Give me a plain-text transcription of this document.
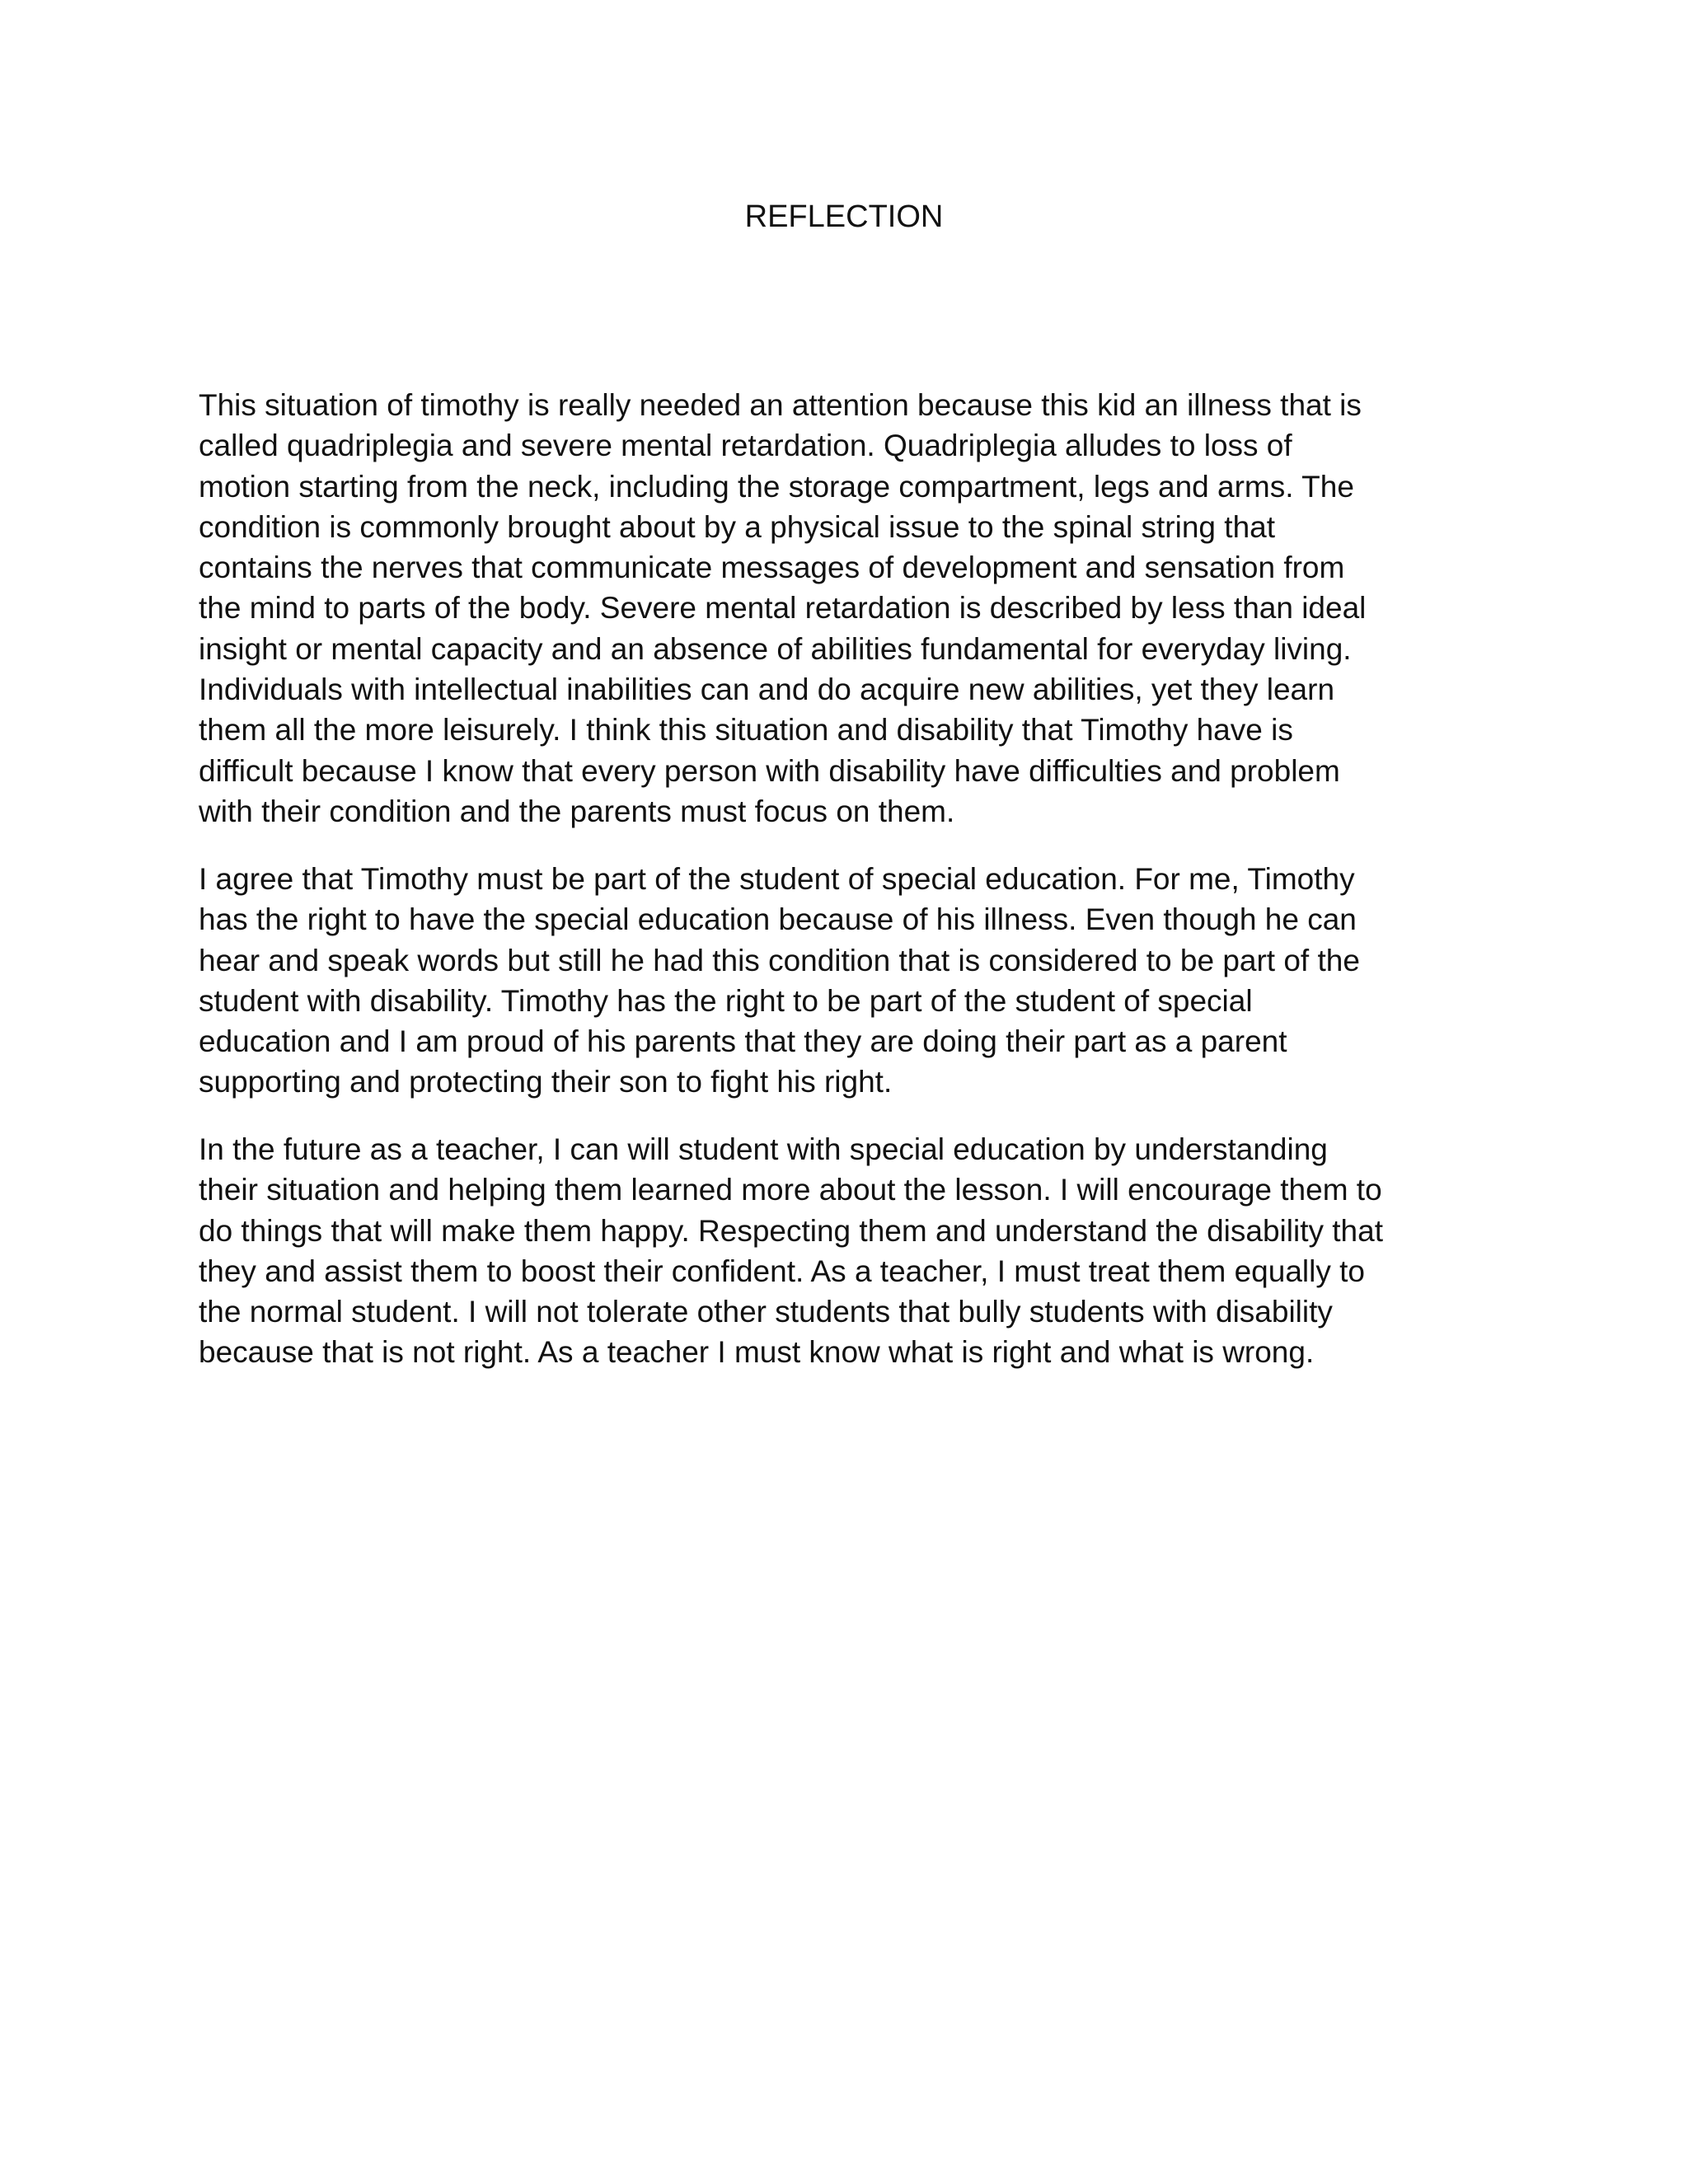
REFLECTION
This situation of timothy is really needed an attention because this kid an illness that is
called quadriplegia and severe mental retardation. Quadriplegia alludes to loss of
motion starting from the neck, including the storage compartment, legs and arms. The
condition is commonly brought about by a physical issue to the spinal string that
contains the nerves that communicate messages of development and sensation from
the mind to parts of the body. Severe mental retardation is described by less than ideal
insight or mental capacity and an absence of abilities fundamental for everyday living.
Individuals with intellectual inabilities can and do acquire new abilities, yet they learn
them all the more leisurely. I think this situation and disability that Timothy have is
difficult because I know that every person with disability have difficulties and problem
with their condition and the parents must focus on them.
I agree that Timothy must be part of the student of special education. For me, Timothy
has the right to have the special education because of his illness. Even though he can
hear and speak words but still he had this condition that is considered to be part of the
student with disability. Timothy has the right to be part of the student of special
education and I am proud of his parents that they are doing their part as a parent
supporting and protecting their son to fight his right.
In the future as a teacher, I can will student with special education by understanding
their situation and helping them learned more about the lesson. I will encourage them to
do things that will make them happy. Respecting them and understand the disability that
they and assist them to boost their confident. As a teacher, I must treat them equally to
the normal student. I will not tolerate other students that bully students with disability
because that is not right. As a teacher I must know what is right and what is wrong.
